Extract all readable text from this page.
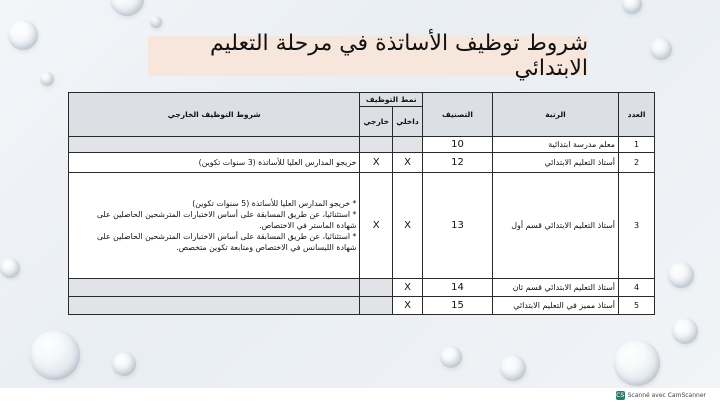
شروط توظيف الأساتذة في مرحلة التعليم الابتدائي
العدد	الرتبة	التصنيف	نمط التوظيف		شروط التوظيف الخارجي
			داخلي	خارجي	
1	معلم مدرسة ابتدائية	10			
2	أستاذ التعليم الابتدائي	12	X	X	خريجو المدارس العليا للأساتذة (3 سنوات تكوين)

3	أستاذ التعليم الابتدائي قسم أول	13	X	X	* خريجو المدارس العليا للأساتذة (5 سنوات تكوين)
* استثنائيا، عن طريق المسابقة على أساس الاختبارات المترشحين الحاصلين على
شهادة الماستر في الاختصاص.
* استثنائيا، عن طريق المسابقة على أساس الاختبارات المترشحين الحاصلين على
شهادة الليسانس في الاختصاص ومتابعة تكوين متخصص.

4	أستاذ التعليم الابتدائي قسم ثان	14	X		
5	أستاذ مميز في التعليم الابتدائي	15	X		
CS Scanné avec CamScanner
